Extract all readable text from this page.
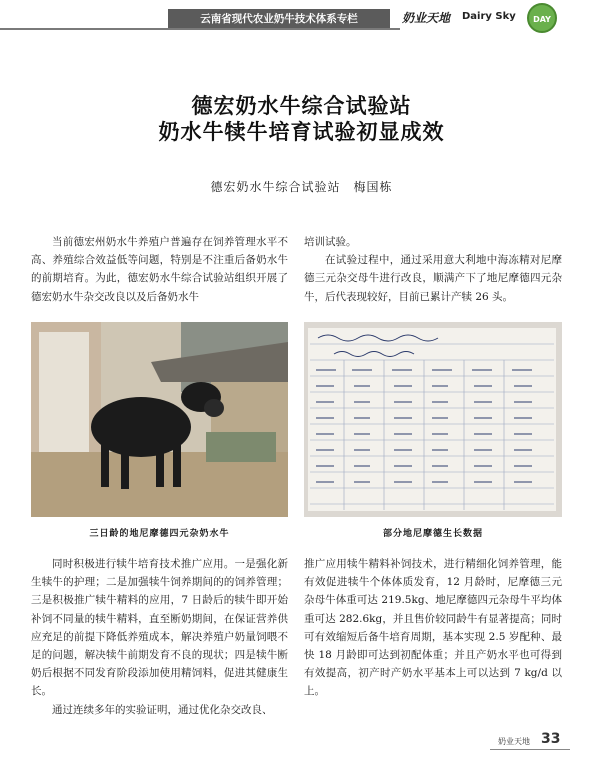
云南省现代农业奶牛技术体系专栏	奶业天地 Dairy Sky	DAY
德宏奶水牛综合试验站
奶水牛犊牛培育试验初显成效
德宏奶水牛综合试验站　梅国栋

当前德宏州奶水牛养殖户普遍存在饲养管理水平不高、养殖综合效益低等问题，特别是不注重后备奶水牛的前期培育。为此，德宏奶水牛综合试验站组织开展了德宏奶水牛杂交改良以及后备奶水牛

培训试验。

在试验过程中，通过采用意大利地中海冻精对尼摩德三元杂交母牛进行改良，顺满产下了地尼摩德四元杂牛，后代表现较好，目前已累计产犊 26 头。

三日龄的地尼摩德四元杂奶水牛	部分地尼摩德生长数据

同时积极进行犊牛培育技术推广应用。一是强化新生犊牛的护理；二是加强犊牛饲养期间的的饲养管理；三是积极推广犊牛精料的应用，7 日龄后的犊牛即开始补饲不同量的犊牛精料，直至断奶期间，在保证营养供应充足的前提下降低养殖成本，解决养殖户奶量饲喂不足的问题，解决犊牛前期发育不良的现状；四是犊牛断奶后根据不同发育阶段添加使用精饲料，促进其健康生长。

通过连续多年的实验证明，通过优化杂交改良、

推广应用犊牛精料补饲技术，进行精细化饲养管理，能有效促进犊牛个体体质发育，12 月龄时，尼摩德三元杂母牛体重可达 219.5kg、地尼摩德四元杂母牛平均体重可达 282.6kg，并且售价较同龄牛有显著提高；同时可有效缩短后备牛培育周期，基本实现 2.5 岁配种、最快 18 月龄即可达到初配体重；并且产奶水平也可得到有效提高，初产时产奶水平基本上可以达到 7 kg/d 以上。

奶业天地 33
